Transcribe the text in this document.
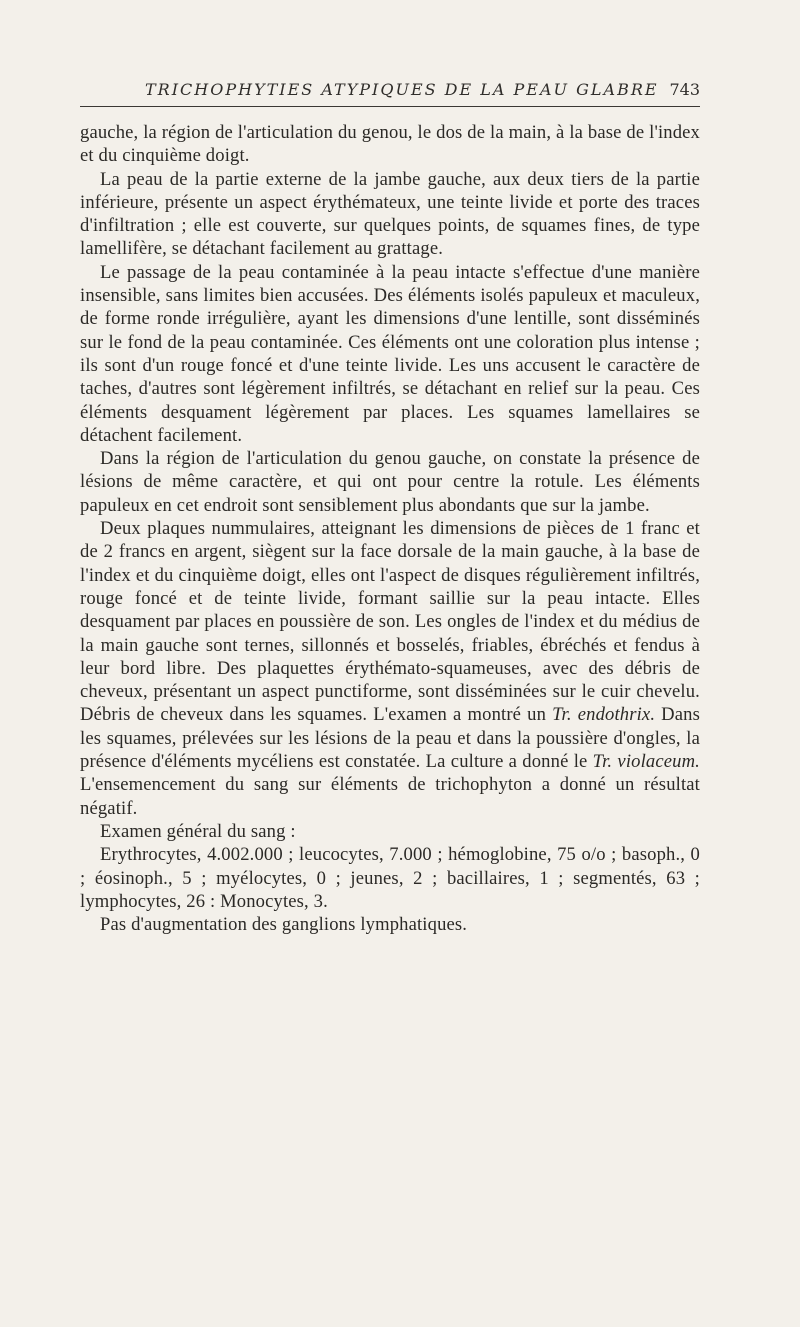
TRICHOPHYTIES ATYPIQUES DE LA PEAU GLABRE 743

gauche, la région de l'articulation du genou, le dos de la main, à la base de l'index et du cinquième doigt.

La peau de la partie externe de la jambe gauche, aux deux tiers de la partie inférieure, présente un aspect érythémateux, une teinte livide et porte des traces d'infiltration ; elle est couverte, sur quelques points, de squames fines, de type lamellifère, se détachant facilement au grattage.

Le passage de la peau contaminée à la peau intacte s'effectue d'une manière insensible, sans limites bien accusées. Des éléments isolés papuleux et maculeux, de forme ronde irrégulière, ayant les dimensions d'une lentille, sont disséminés sur le fond de la peau contaminée. Ces éléments ont une coloration plus intense ; ils sont d'un rouge foncé et d'une teinte livide. Les uns accusent le caractère de taches, d'autres sont légèrement infiltrés, se détachant en relief sur la peau. Ces éléments desquament légèrement par places. Les squames lamellaires se détachent facilement.

Dans la région de l'articulation du genou gauche, on constate la présence de lésions de même caractère, et qui ont pour centre la rotule. Les éléments papuleux en cet endroit sont sensiblement plus abondants que sur la jambe.

Deux plaques nummulaires, atteignant les dimensions de pièces de 1 franc et de 2 francs en argent, siègent sur la face dorsale de la main gauche, à la base de l'index et du cinquième doigt, elles ont l'aspect de disques régulièrement infiltrés, rouge foncé et de teinte livide, formant saillie sur la peau intacte. Elles desquament par places en poussière de son. Les ongles de l'index et du médius de la main gauche sont ternes, sillonnés et bosselés, friables, ébréchés et fendus à leur bord libre. Des plaquettes érythémato-squameuses, avec des débris de cheveux, présentant un aspect punctiforme, sont disséminées sur le cuir chevelu. Débris de cheveux dans les squames. L'examen a montré un Tr. endothrix. Dans les squames, prélevées sur les lésions de la peau et dans la poussière d'ongles, la présence d'éléments mycéliens est constatée. La culture a donné le Tr. violaceum. L'ensemencement du sang sur éléments de trichophyton a donné un résultat négatif.

Examen général du sang :

Erythrocytes, 4.002.000 ; leucocytes, 7.000 ; hémoglobine, 75 o/o ; basoph., 0 ; éosinoph., 5 ; myélocytes, 0 ; jeunes, 2 ; bacillaires, 1 ; segmentés, 63 ; lymphocytes, 26 : Monocytes, 3.

Pas d'augmentation des ganglions lymphatiques.
